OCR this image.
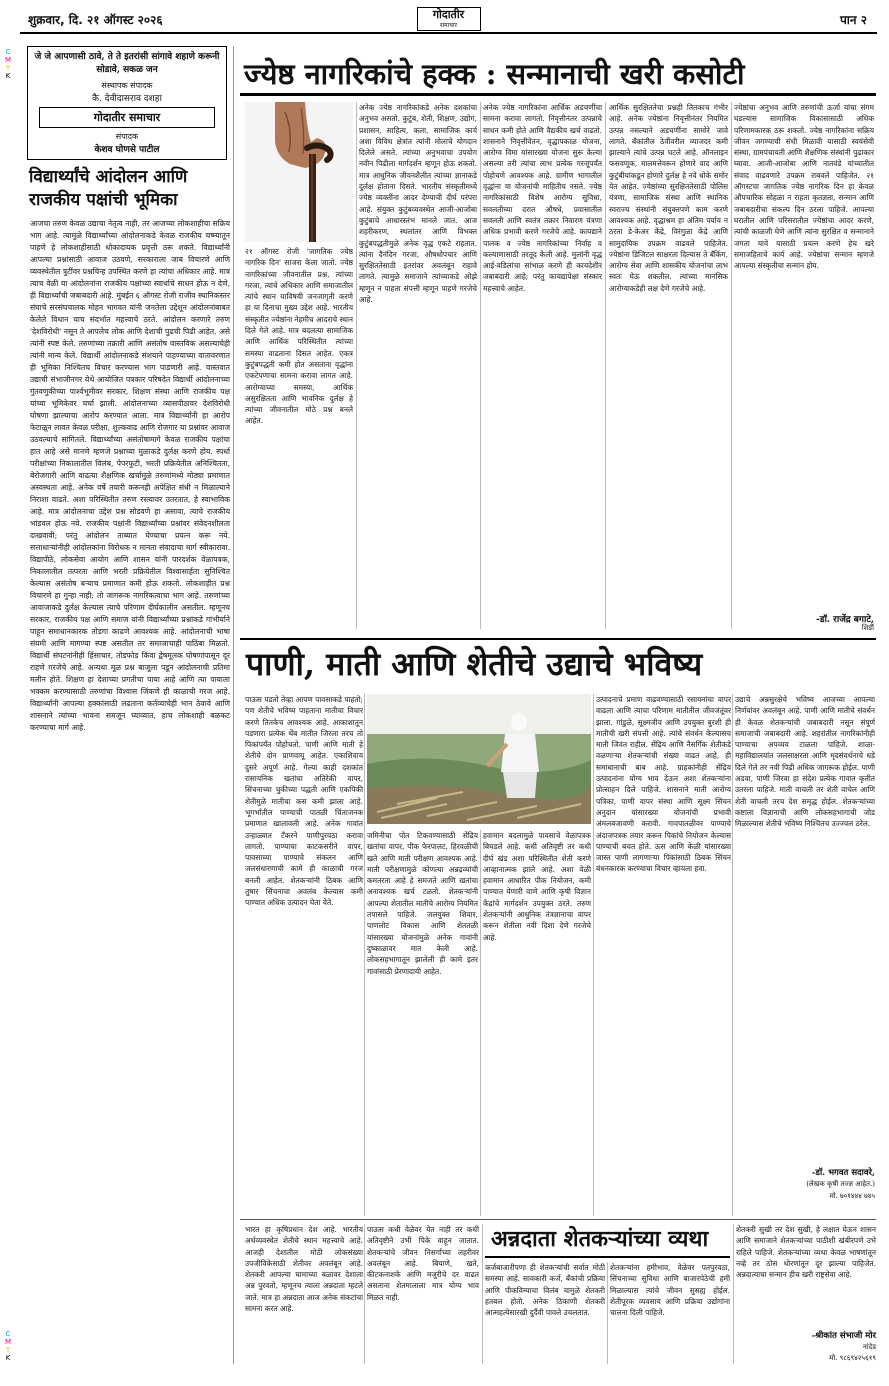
C
M
Y
K
C
M
Y
K
शुक्रवार, दि. २१ ऑगस्ट २०२६	गोदातीर
समाचार	पान २
जे जे आपणासी ठावे, ते ते इतरांसी सांगावे शहाणे करूनी सोडावे, सकळ जन
संस्थापक संपादक
कै. देवीदासराव दशहा
गोदातीर समाचार
संपादक
केशव घोणसे पाटील
विद्यार्थ्यांचे आंदोलन आणि राजकीय पक्षांची भूमिका
आजचा तरुण केवळ उद्याचा नेतृत्व नाही, तर आजच्या लोकशाहीचा सक्रिय भाग आहे. त्यामुळे विद्यार्थ्यांच्या आंदोलनाकडे केवळ राजकीय चष्म्यातून पाहणे हे लोकशाहीसाठी धोकादायक प्रवृत्ती ठरू शकते. विद्यार्थ्यांनी आपल्या प्रश्नांसाठी आवाज उठवणे, सरकाराला जाब विचारणे आणि व्यवस्थेतील त्रुटींवर प्रश्नचिन्ह उपस्थित करणे हा त्यांचा अधिकार आहे. मात्र त्याच वेळी या आंदोलनांना राजकीय पक्षांच्या स्वार्थाचे साधन होऊ न देणे, ही विद्यार्थ्यांची जबाबदारी आहे. मुंबईत ६ ऑगस्ट रोजी राजीव स्थानिकस्तर संघाचे सरसंघचालक मोहन भागवत यांनी जनतेला उद्देशून आंदोलनांबाबत केलेले विधान याच संदर्भात महत्त्वाचे ठरते. आंदोलन करणारे तरुण 'देशविरोधी' नसून ते आपलेच लोक आणि देशाची पुढची पिढी आहेत, असे त्यांनी स्पष्ट केले. तरुणांच्या तक्रारी आणि असंतोष वास्तविक असल्याचेही त्यांनी मान्य केले. विद्यार्थी आंदोलनाकडे संशयाने पाहण्याच्या वातावरणात ही भूमिका निश्चितच विचार करण्यास भाग पाडणारी आहे. वास्तवात उद्याची संभाजीनगर येथे आयोजित पत्रकार परिषदेत विद्यार्थी आंदोलनाच्या गुंतवणुकीच्या पार्श्वभूमीवर सरकार, शिक्षण संस्था आणि राजकीय पक्ष यांच्या भूमिकेवर चर्चा झाली. आंदोलनाच्या व्यासपीठावर देशविरोधी घोषणा झाल्याचा आरोप करण्यात आला. मात्र विद्यार्थ्यांनी हा आरोप फेटाळून लावत केवळ परीक्षा, शुल्कवाढ आणि रोजगार या प्रश्नांवर आवाज उठवल्याचे सांगितले. विद्यार्थ्यांच्या असंतोषामागे केवळ राजकीय पक्षांचा हात आहे असे मानणे म्हणजे प्रश्नाच्या मुळाकडे दुर्लक्ष करणे होय. स्पर्धा परीक्षांच्या निकालातील विलंब, पेपरफुटी, भरती प्रक्रियेतील अनिश्चितता, बेरोजगारी आणि वाढत्या शैक्षणिक खर्चामुळे तरुणांमध्ये मोठ्या प्रमाणात अस्वस्थता आहे. अनेक वर्षे तयारी करूनही अपेक्षित संधी न मिळाल्याने निराशा वाढते. अशा परिस्थितीत तरुण रस्त्यावर उतरतात, हे स्वाभाविक आहे. मात्र आंदोलनाचा उद्देश प्रश्न सोडवणे हा असावा, त्याचे राजकीय भांडवल होऊ नये. राजकीय पक्षांनी विद्यार्थ्यांच्या प्रश्नांवर संवेदनशीलता दाखवावी; परंतु आंदोलन ताब्यात घेण्याचा प्रयत्न करू नये. सत्ताधाऱ्यांनीही आंदोलकांना विरोधक न मानता संवादाचा मार्ग स्वीकारावा. विद्यापीठे, लोकसेवा आयोग आणि शासन यांनी पारदर्शक वेळापत्रक, निकालातील तत्परता आणि भरती प्रक्रियेतील विश्वासार्हता सुनिश्चित केल्यास असंतोष बऱ्याच प्रमाणात कमी होऊ शकतो. लोकशाहीत प्रश्न विचारणे हा गुन्हा नाही; तो जागरूक नागरिकत्वाचा भाग आहे. तरुणांच्या आवाजाकडे दुर्लक्ष केल्यास त्याचे परिणाम दीर्घकालीन असतील. म्हणूनच सरकार, राजकीय पक्ष आणि समाज यांनी विद्यार्थ्यांच्या प्रश्नांकडे गांभीर्याने पाहून समाधानकारक तोडगा काढणे आवश्यक आहे. आंदोलनाची भाषा संयमी आणि मागण्या स्पष्ट असतील तर समाजाचाही पाठिंबा मिळतो. विद्यार्थी संघटनांनीही हिंसाचार, तोडफोड किंवा द्वेषमूलक घोषणांपासून दूर राहणे गरजेचे आहे. अन्यथा मूळ प्रश्न बाजूला पडून आंदोलनाची प्रतिमा मलीन होते. शिक्षण हा देशाच्या प्रगतीचा पाया आहे आणि त्या पायाला भक्कम करण्यासाठी तरुणांचा विश्वास जिंकणे ही काळाची गरज आहे. विद्यार्थ्यांनी आपल्या हक्कांसाठी लढताना कर्तव्याचेही भान ठेवावे आणि शासनाने त्यांच्या भावना समजून घ्याव्यात, हाच लोकशाही बळकट करण्याचा मार्ग आहे.
ज्येष्ठ नागरिकांचे हक्क : सन्मानाची खरी कसोटी
२१ ऑगस्ट रोजी 'जागतिक ज्येष्ठ नागरिक दिन' साजरा केला जातो. ज्येष्ठ नागरिकांच्या जीवनातील प्रश्न, त्यांच्या गरजा, त्यांचे अधिकार आणि समाजातील त्यांचे स्थान याविषयी जनजागृती करणे हा या दिनाचा मुख्य उद्देश आहे. भारतीय संस्कृतीत ज्येष्ठांना नेहमीच आदराचे स्थान दिले गेले आहे. मात्र बदलत्या सामाजिक आणि आर्थिक परिस्थितीत त्यांच्या समस्या वाढताना दिसत आहेत. एकत्र कुटुंबपद्धती कमी होत असताना वृद्धांना एकटेपणाचा सामना करावा लागत आहे. आरोग्याच्या समस्या, आर्थिक असुरक्षितता आणि भावनिक दुर्लक्ष हे त्यांच्या जीवनातील मोठे प्रश्न बनले आहेत.
अनेक ज्येष्ठ नागरिकांकडे अनेक दशकांचा अनुभव असतो. कुटुंब, शेती, शिक्षण, उद्योग, प्रशासन, साहित्य, कला, सामाजिक कार्य अशा विविध क्षेत्रांत त्यांनी मोलाचे योगदान दिलेले असते. त्यांच्या अनुभवाचा उपयोग नवीन पिढीला मार्गदर्शन म्हणून होऊ शकतो. मात्र आधुनिक जीवनशैलीत त्यांच्या ज्ञानाकडे दुर्लक्ष होताना दिसते. भारतीय संस्कृतीमध्ये ज्येष्ठ व्यक्तींना आदर देण्याची दीर्घ परंपरा आहे. संयुक्त कुटुंबव्यवस्थेत आजी-आजोबा कुटुंबाचे आधारस्तंभ मानले जात. आज शहरीकरण, स्थलांतर आणि विभक्त कुटुंबपद्धतीमुळे अनेक वृद्ध एकटे राहतात. त्यांना दैनंदिन गरजा, औषधोपचार आणि सुरक्षिततेसाठी इतरांवर अवलंबून राहावे लागते. त्यामुळे समाजाने त्यांच्याकडे ओझे म्हणून न पाहता संपत्ती म्हणून पाहणे गरजेचे आहे.
अनेक ज्येष्ठ नागरिकांना आर्थिक अडचणींचा सामना करावा लागतो. निवृत्तीनंतर उत्पन्नाचे साधन कमी होते आणि वैद्यकीय खर्च वाढतो. शासनाने निवृत्तीवेतन, वृद्धापकाळ योजना, आरोग्य विमा यांसारख्या योजना सुरू केल्या असल्या तरी त्यांचा लाभ प्रत्येक गरजूपर्यंत पोहोचणे आवश्यक आहे. ग्रामीण भागातील वृद्धांना या योजनांची माहितीच नसते. ज्येष्ठ नागरिकांसाठी विशेष आरोग्य सुविधा, सवलतीच्या दरात औषधे, प्रवासातील सवलती आणि स्वतंत्र तक्रार निवारण यंत्रणा अधिक प्रभावी करणे गरजेचे आहे. कायद्याने पालक व ज्येष्ठ नागरिकांच्या निर्वाह व कल्याणासाठी तरतूद केली आहे. मुलांनी वृद्ध आई-वडिलांचा सांभाळ करणे ही कायदेशीर जबाबदारी आहे; परंतु कायद्यापेक्षा संस्कार महत्त्वाचे आहेत.
आर्थिक सुरक्षिततेचा प्रश्नही तितकाच गंभीर आहे. अनेक ज्येष्ठांना निवृत्तीनंतर नियमित उत्पन्न नसल्याने अडचणींना सामोरे जावे लागते. बँकांतील ठेवींवरील व्याजदर कमी झाल्याने त्यांचे उत्पन्न घटले आहे. ऑनलाइन फसवणूक, मालमत्तेवरून होणारे वाद आणि कुटुंबीयांकडून होणारे दुर्लक्ष हे नवे धोके समोर येत आहेत. ज्येष्ठांच्या सुरक्षिततेसाठी पोलिस यंत्रणा, सामाजिक संस्था आणि स्थानिक स्वराज्य संस्थांनी संयुक्तपणे काम करणे आवश्यक आहे. वृद्धाश्रम हा अंतिम पर्याय न ठरता डे-केअर केंद्रे, विरंगुळा केंद्रे आणि सामुदायिक उपक्रम वाढवले पाहिजेत. ज्येष्ठांना डिजिटल साक्षरता दिल्यास ते बँकिंग, आरोग्य सेवा आणि शासकीय योजनांचा लाभ स्वतः घेऊ शकतील. त्यांच्या मानसिक आरोग्याकडेही लक्ष देणे गरजेचे आहे.
ज्येष्ठांचा अनुभव आणि तरुणांची ऊर्जा यांचा संगम घडल्यास सामाजिक विकासासाठी अधिक परिणामकारक ठरू शकतो. ज्येष्ठ नागरिकांना सक्रिय जीवन जगण्याची संधी मिळावी यासाठी स्वयंसेवी संस्था, ग्रामपंचायती आणि शैक्षणिक संस्थांनी पुढाकार घ्यावा. आजी-आजोबा आणि नातवंडे यांच्यातील संवाद वाढवणारे उपक्रम राबवले पाहिजेत. २१ ऑगस्टचा जागतिक ज्येष्ठ नागरिक दिन हा केवळ औपचारिक सोहळा न राहता कृतज्ञता, सन्मान आणि जबाबदारीचा संकल्प दिन ठरला पाहिजे. आपल्या घरातील आणि परिसरातील ज्येष्ठांचा आदर करणे, त्यांची काळजी घेणे आणि त्यांना सुरक्षित व सन्मानाने जगता यावे यासाठी प्रयत्न करणे हेच खरे समाजहिताचे कार्य आहे. ज्येष्ठांचा सन्मान म्हणजे आपल्या संस्कृतीचा सन्मान होय.
-डॉ. राजेंद्र बगाटे,
शिर्डी
पाणी, माती आणि शेतीचे उद्याचे भविष्य
पाऊस पडतो तेव्हा आपण पावसाकडे पाहतो; पण शेतीचे भविष्य पाहताना मातीचा विचार करणे तितकेच आवश्यक आहे. आकाशातून पडणारा प्रत्येक थेंब मातीत जिरला तरच तो पिकांपर्यंत पोहोचतो. पाणी आणि माती हे शेतीचे दोन प्राणवायू आहेत. एकाशिवाय दुसरे अपूर्ण आहे. गेल्या काही दशकांत रासायनिक खतांचा अतिरेकी वापर, सिंचनाच्या चुकीच्या पद्धती आणि एकपिकी शेतीमुळे मातीचा कस कमी झाला आहे. भूगर्भातील पाण्याची पातळी चिंताजनक प्रमाणात खालावली आहे. अनेक गावांत उन्हाळ्यात टँकरने पाणीपुरवठा करावा लागतो. पाण्याचा काटकसरीने वापर, पावसाच्या पाण्याचे संकलन आणि जलसंधारणाची कामे ही काळाची गरज बनली आहेत. शेतकऱ्यांनी ठिबक आणि तुषार सिंचनाचा अवलंब केल्यास कमी पाण्यात अधिक उत्पादन घेता येते.
जमिनीचा पोत टिकवण्यासाठी सेंद्रिय खतांचा वापर, पीक फेरपालट, हिरवळीची खते आणि माती परीक्षण आवश्यक आहे. माती परीक्षणामुळे कोणत्या अन्नद्रव्यांची कमतरता आहे हे समजते आणि खतांचा अनावश्यक खर्च टळतो. शेतकऱ्यांनी आपल्या शेतातील मातीचे आरोग्य नियमित तपासले पाहिजे. जलयुक्त शिवार, पाणलोट विकास आणि शेततळी यांसारख्या योजनांमुळे अनेक गावांनी दुष्काळावर मात केली आहे. लोकसहभागातून झालेली ही कामे इतर गावांसाठी प्रेरणादायी आहेत.
हवामान बदलामुळे पावसाचे वेळापत्रक बिघडले आहे. कधी अतिवृष्टी तर कधी दीर्घ खंड अशा परिस्थितीत शेती करणे आव्हानात्मक झाले आहे. अशा वेळी हवामान आधारित पीक नियोजन, कमी पाण्यात येणारी वाणे आणि कृषी विज्ञान केंद्रांचे मार्गदर्शन उपयुक्त ठरते. तरुण शेतकऱ्यांनी आधुनिक तंत्रज्ञानाचा वापर करून शेतीला नवी दिशा देणे गरजेचे आहे.
उत्पादनाचे प्रमाण वाढवण्यासाठी रसायनांचा वापर वाढला आणि त्याचा परिणाम मातीतील जीवजंतूंवर झाला. गांडुळे, सूक्ष्मजीव आणि उपयुक्त बुरशी ही मातीची खरी संपत्ती आहे. त्यांचे संवर्धन केल्यासच माती जिवंत राहील. सेंद्रिय आणि नैसर्गिक शेतीकडे वळणाऱ्या शेतकऱ्यांची संख्या वाढत आहे, ही समाधानाची बाब आहे. ग्राहकांनीही सेंद्रिय उत्पादनांना योग्य भाव देऊन अशा शेतकऱ्यांना प्रोत्साहन दिले पाहिजे. शासनाने माती आरोग्य पत्रिका, पाणी वापर संस्था आणि सूक्ष्म सिंचन अनुदान यांसारख्या योजनांची प्रभावी अंमलबजावणी करावी. गावपातळीवर पाण्याचे अंदाजपत्रक तयार करून पिकांचे नियोजन केल्यास पाण्याची बचत होते. ऊस आणि केळी यांसारख्या जास्त पाणी लागणाऱ्या पिकांसाठी ठिबक सिंचन बंधनकारक करण्याचा विचार व्हायला हवा.
उद्याचे अन्नसुरक्षेचे भविष्य आजच्या आपल्या निर्णयांवर अवलंबून आहे. पाणी आणि मातीचे संवर्धन ही केवळ शेतकऱ्यांची जबाबदारी नसून संपूर्ण समाजाची जबाबदारी आहे. शहरांतील नागरिकांनीही पाण्याचा अपव्यय टाळला पाहिजे. शाळा-महाविद्यालयांत जलसाक्षरता आणि मृदसंवर्धनाचे धडे दिले गेले तर नवी पिढी अधिक जागरूक होईल. पाणी अडवा, पाणी जिरवा हा संदेश प्रत्येक गावात कृतीत उतरला पाहिजे. माती वाचली तर शेती वाचेल आणि शेती वाचली तरच देश समृद्ध होईल. शेतकऱ्यांच्या कष्टाला विज्ञानाची आणि लोकसहभागाची जोड मिळाल्यास शेतीचे भविष्य निश्चितच उज्ज्वल ठरेल.
-डॉ. भगवत सदावरे,
(लेखक कृषी तज्ज्ञ आहेत.)
मो. ७०१४४४ ७४५
भारत हा कृषिप्रधान देश आहे. भारतीय अर्थव्यवस्थेत शेतीचे स्थान महत्त्वाचे आहे. आजही देशातील मोठी लोकसंख्या उपजीविकेसाठी शेतीवर अवलंबून आहे. शेतकरी आपल्या घामाच्या बळावर देशाला अन्न पुरवतो, म्हणूनच त्याला अन्नदाता म्हटले जाते. मात्र हा अन्नदाता आज अनेक संकटांचा सामना करत आहे.
पाऊस कधी वेळेवर येत नाही तर कधी अतिवृष्टीने उभी पिके वाहून जातात. शेतकऱ्यांचे जीवन निसर्गाच्या लहरीवर अवलंबून आहे. बियाणे, खते, कीटकनाशके आणि मजुरीचे दर वाढत असताना शेतमालाला मात्र योग्य भाव मिळत नाही.
अन्नदाता शेतकऱ्यांच्या व्यथा
कर्जबाजारीपणा ही शेतकऱ्यांची सर्वात मोठी समस्या आहे. सावकारी कर्ज, बँकांची प्रक्रिया आणि पीकविम्याचा विलंब यामुळे शेतकरी हतबल होतो. अनेक ठिकाणी शेतकरी आत्महत्येसारखी दुर्दैवी पावले उचलतात.
शेतकऱ्यांना हमीभाव, वेळेवर पतपुरवठा, सिंचनाच्या सुविधा आणि बाजारपेठेची हमी मिळाल्यास त्यांचे जीवन सुसह्य होईल. शेतीपूरक व्यवसाय आणि प्रक्रिया उद्योगांना चालना दिली पाहिजे.
शेतकरी सुखी तर देश सुखी, हे लक्षात घेऊन शासन आणि समाजाने शेतकऱ्यांच्या पाठीशी खंबीरपणे उभे राहिले पाहिजे. शेतकऱ्यांच्या व्यथा केवळ भाषणांतून नव्हे तर ठोस धोरणांतून दूर झाल्या पाहिजेत. अन्नदात्याचा सन्मान हीच खरी राष्ट्रसेवा आहे.
-श्रीकांत संभाजी मोर
नांदेड
मो. ९८६९४२५६१९
